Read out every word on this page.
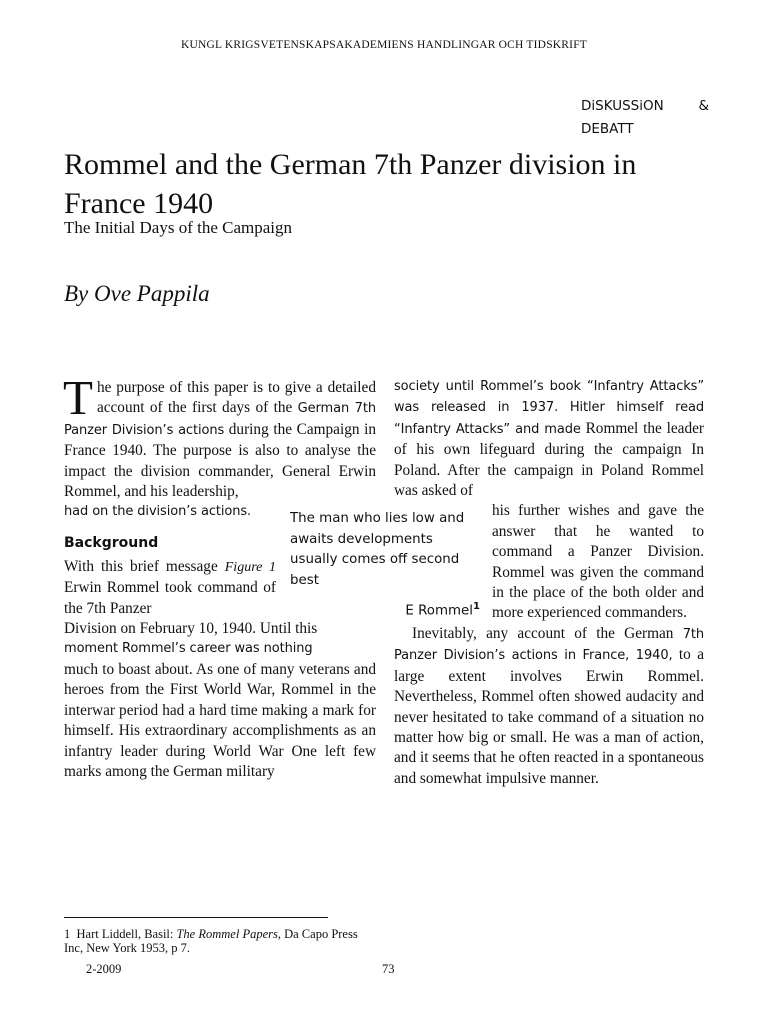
KUNGL KRIGSVETENSKAPSAKADEMIENS HANDLINGAR OCH TIDSKRIFT
DiSKUSSiON	&
DEBATT
Rommel and the German 7th Panzer division in France 1940
The Initial Days of the Campaign
By Ove Pappila

T he purpose of this paper is to give a detailed account of the first days of the German 7th Panzer Division’s actions during the Campaign in France 1940. The purpose is also to analyse the impact the division commander, General Erwin Rommel, and his leadership,

had on the division’s actions.

Background

With this brief message Figure 1 Erwin Rommel took command of the 7th Panzer

Division on February 10, 1940. Until this

moment Rommel’s career was nothing

much to boast about. As one of many veterans and heroes from the First World War, Rommel in the interwar period had a hard time making a mark for himself. His extraordinary accomplishments as an infantry leader during World War One left few marks among the German military

The man who lies low and awaits developments usually comes off second best
E Rommel$^1$

society until Rommel’s book “Infantry Attacks” was released in 1937. Hitler himself read “Infantry Attacks” and made Rommel the leader of his own lifeguard during the campaign In Poland. After the campaign in Poland Rommel was asked of

his further wishes and gave the answer that he wanted to command a Panzer Division. Rommel was given the command in the place of the both older and more experienced commanders.

Inevitably, any account of the German 7th Panzer Division’s actions in France, 1940, to a large extent involves Erwin Rommel. Nevertheless, Rommel often showed audacity and never hesitated to take command of a situation no matter how big or small. He was a man of action, and it seems that he often reacted in a spontaneous and somewhat impulsive manner.

1 Hart Liddell, Basil: The Rommel Papers, Da Capo Press Inc, New York 1953, p 7.
2-2009	73
